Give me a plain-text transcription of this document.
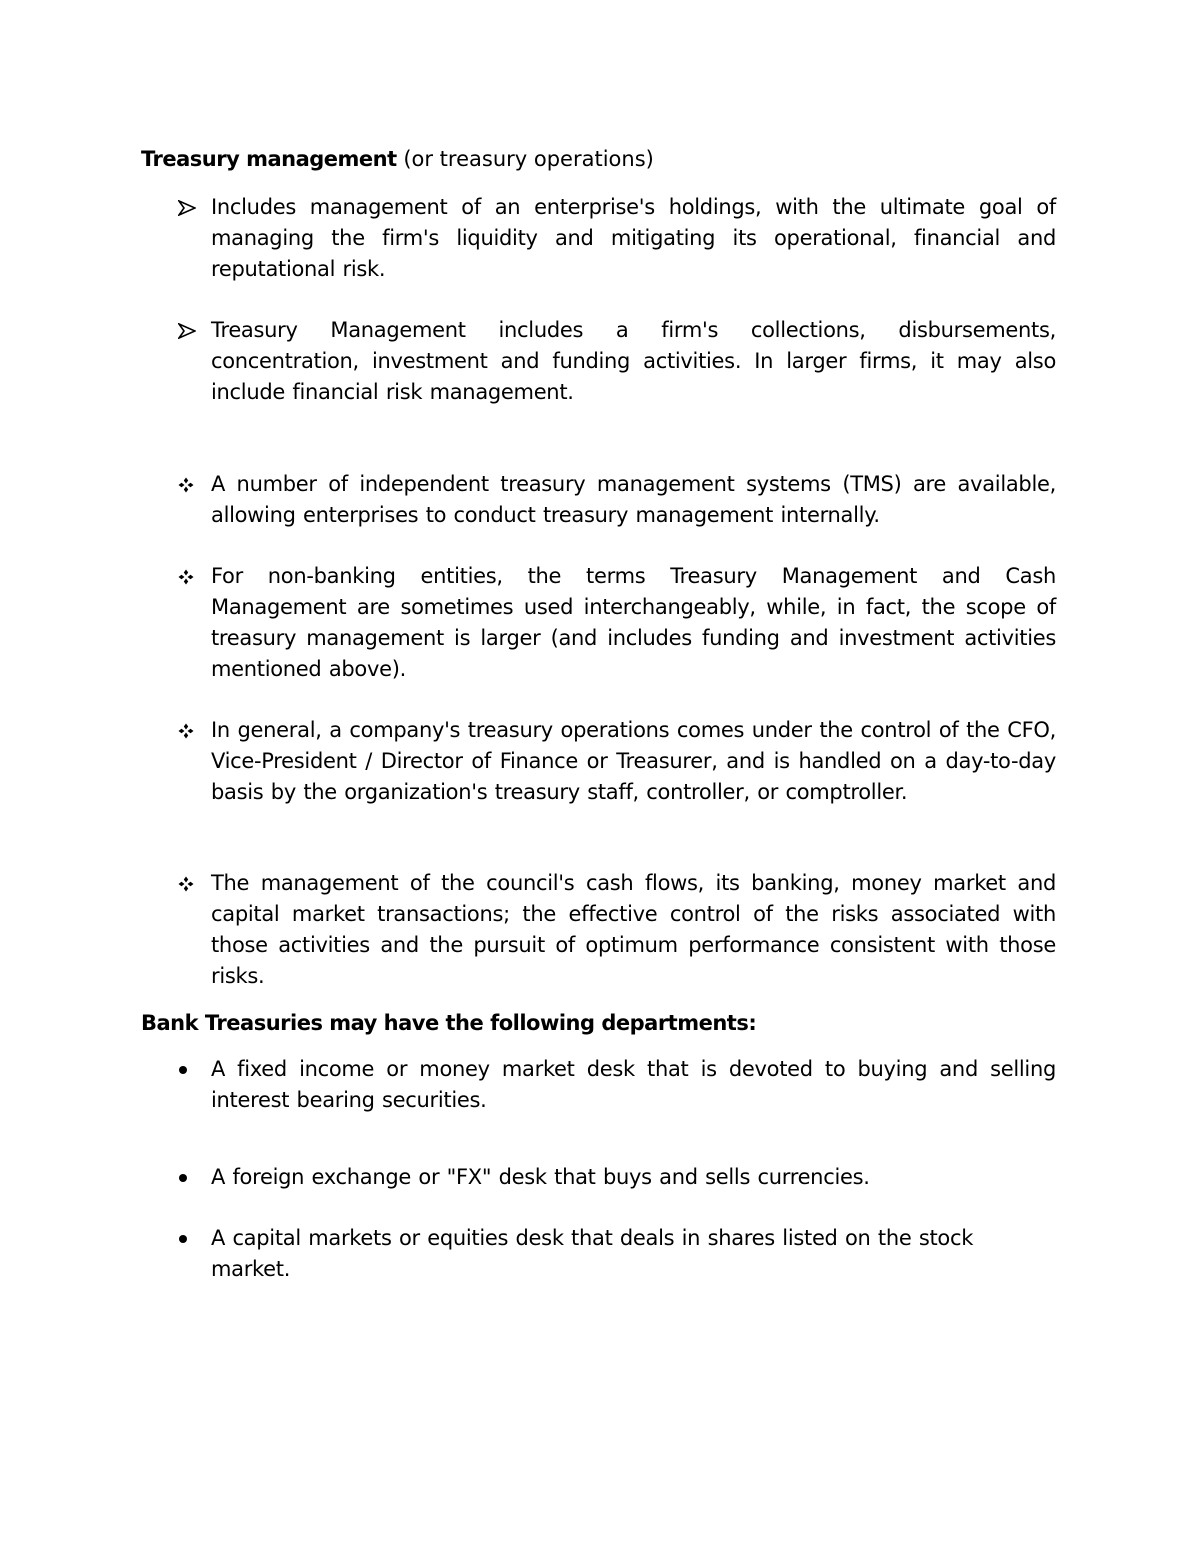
Treasury management (or treasury operations)
Includes management of an enterprise's holdings, with the ultimate goal of managing the firm's liquidity and mitigating its operational, financial and reputational risk.
Treasury Management includes a firm's collections, disbursements, concentration, investment and funding activities. In larger firms, it may also include financial risk management.
A number of independent treasury management systems (TMS) are available, allowing enterprises to conduct treasury management internally.
For non-banking entities, the terms Treasury Management and Cash Management are sometimes used interchangeably, while, in fact, the scope of treasury management is larger (and includes funding and investment activities mentioned above).
In general, a company's treasury operations comes under the control of the CFO, Vice-President / Director of Finance or Treasurer, and is handled on a day-to-day basis by the organization's treasury staff, controller, or comptroller.
The management of the council's cash flows, its banking, money market and capital market transactions; the effective control of the risks associated with those activities and the pursuit of optimum performance consistent with those risks.
Bank Treasuries may have the following departments:
A fixed income or money market desk that is devoted to buying and selling interest bearing securities.
A foreign exchange or "FX" desk that buys and sells currencies.
A capital markets or equities desk that deals in shares listed on the stock market.
